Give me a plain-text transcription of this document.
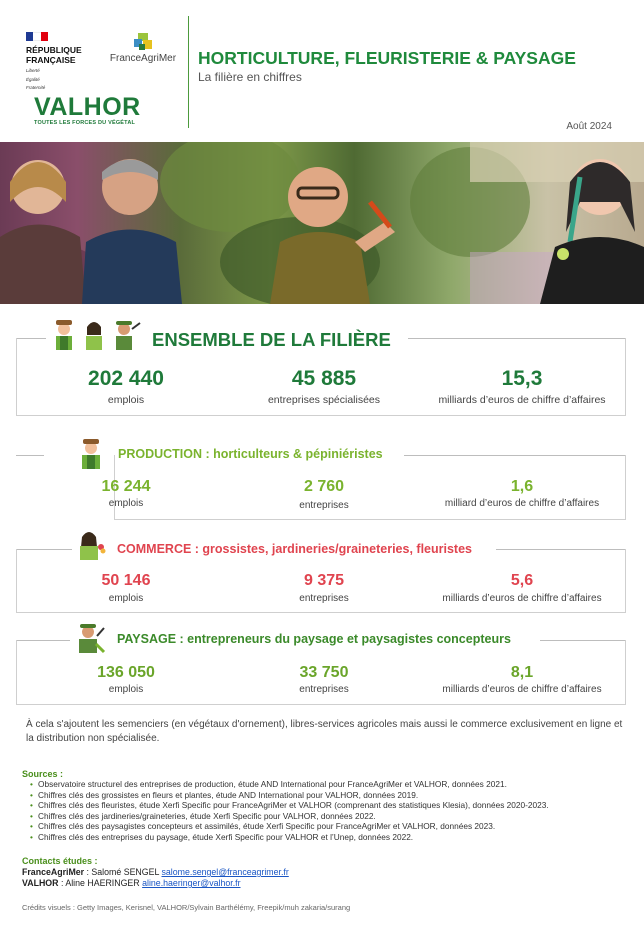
RÉPUBLIQUE
FRANÇAISE
Liberté
Égalité
Fraternité
FranceAgriMer
VALHOR
TOUTES LES FORCES DU VÉGÉTAL
HORTICULTURE, FLEURISTERIE & PAYSAGE
La filière en chiffres
Août 2024
ENSEMBLE DE LA FILIÈRE
202 440
emplois
45 885
entreprises spécialisées
15,3
milliards d’euros de chiffre d’affaires
PRODUCTION : horticulteurs & pépiniéristes
16 244
emplois
2 760
entreprises
1,6
milliard d’euros de chiffre d’affaires
COMMERCE : grossistes, jardineries/graineteries, fleuristes
50 146
emplois
9 375
entreprises
5,6
milliards d’euros de chiffre d’affaires
PAYSAGE : entrepreneurs du paysage et paysagistes concepteurs
136 050
emplois
33 750
entreprises
8,1
milliards d’euros de chiffre d’affaires
À cela s'ajoutent les semenciers (en végétaux d'ornement), libres-services agricoles mais aussi le commerce exclusivement en ligne et la distribution non spécialisée.
Sources :
• Observatoire structurel des entreprises de production, étude AND International pour FranceAgriMer et VALHOR, données 2021.
• Chiffres clés des grossistes en fleurs et plantes, étude AND International pour VALHOR, données 2019.
• Chiffres clés des fleuristes, étude Xerfi Specific pour FranceAgriMer et VALHOR (comprenant des statistiques Klesia), données 2020-2023.
• Chiffres clés des jardineries/graineteries, étude Xerfi Specific pour VALHOR, données 2022.
• Chiffres clés des paysagistes concepteurs et assimilés, étude Xerfi Specific pour FranceAgriMer et VALHOR, données 2023.
• Chiffres clés des entreprises du paysage, étude Xerfi Specific pour VALHOR et l’Unep, données 2022.
Contacts études :
FranceAgriMer : Salomé SENGEL salome.sengel@franceagrimer.fr
VALHOR : Aline HAERINGER aline.haeringer@valhor.fr
Crédits visuels : Getty Images, Kerisnel, VALHOR/Sylvain Barthélémy, Freepik/muh zakaria/surang
